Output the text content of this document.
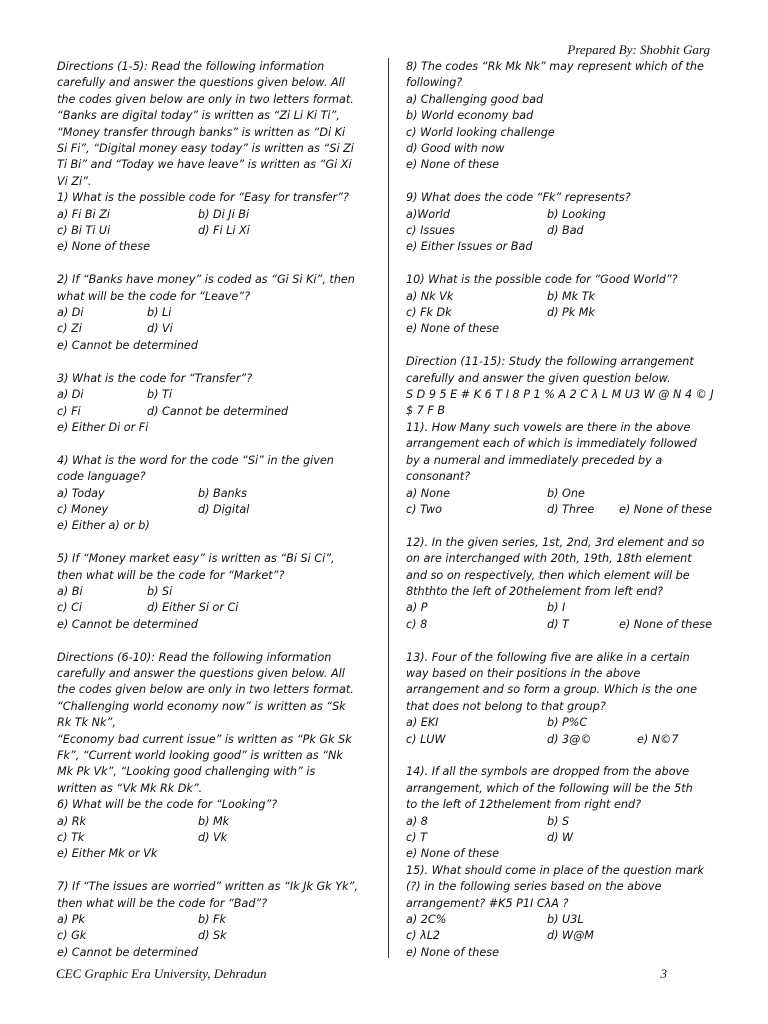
Prepared By: Shobhit Garg
Directions (1-5): Read the following information
carefully and answer the questions given below. All
the codes given below are only in two letters format.
“Banks are digital today” is written as “Zi Li Ki Ti”,
“Money transfer through banks” is written as “Di Ki
Si Fi”, “Digital money easy today” is written as “Si Zi
Ti Bi” and “Today we have leave” is written as “Gi Xi
Vi Zi”.
1) What is the possible code for “Easy for transfer”?
a) Fi Bi Zi	b) Di Ji Bi
c) Bi Ti Ui	d) Fi Li Xi
e) None of these
2) If “Banks have money” is coded as “Gi Si Ki”, then
what will be the code for “Leave”?
a) Di	b) Li
c) Zi	d) Vi
e) Cannot be determined
3) What is the code for “Transfer”?
a) Di	b) Ti
c) Fi	d) Cannot be determined
e) Either Di or Fi
4) What is the word for the code “Si” in the given
code language?
a) Today	b) Banks
c) Money	d) Digital
e) Either a) or b)
5) If “Money market easy” is written as “Bi Si Ci”,
then what will be the code for “Market”?
a) Bi	b) Si
c) Ci	d) Either Si or Ci
e) Cannot be determined
Directions (6-10): Read the following information
carefully and answer the questions given below. All
the codes given below are only in two letters format.
“Challenging world economy now” is written as “Sk
Rk Tk Nk”,
“Economy bad current issue” is written as “Pk Gk Sk
Fk”, “Current world looking good” is written as “Nk
Mk Pk Vk”, “Looking good challenging with” is
written as “Vk Mk Rk Dk”.
6) What will be the code for “Looking”?
a) Rk	b) Mk
c) Tk	d) Vk
e) Either Mk or Vk
7) If “The issues are worried” written as “Ik Jk Gk Yk”,
then what will be the code for “Bad”?
a) Pk	b) Fk
c) Gk	d) Sk
e) Cannot be determined
8) The codes “Rk Mk Nk” may represent which of the
following?
a) Challenging good bad
b) World economy bad
c) World looking challenge
d) Good with now
e) None of these
9) What does the code “Fk” represents?
a)World	b) Looking
c) Issues	d) Bad
e) Either Issues or Bad
10) What is the possible code for “Good World”?
a) Nk Vk	b) Mk Tk
c) Fk Dk	d) Pk Mk
e) None of these
Direction (11-15): Study the following arrangement
carefully and answer the given question below.
S D 9 5 E # K 6 T I 8 P 1 % A 2 C λ L M U3 W @ N 4 © J
$ 7 F B
11). How Many such vowels are there in the above
arrangement each of which is immediately followed
by a numeral and immediately preceded by a
consonant?
a) None	b) One
c) Two	d) Three	e) None of these
12). In the given series, 1st, 2nd, 3rd element and so
on are interchanged with 20th, 19th, 18th element
and so on respectively, then which element will be
8ththto the left of 20thelement from left end?
a) P	b) I
c) 8	d) T	e) None of these
13). Four of the following five are alike in a certain
way based on their positions in the above
arrangement and so form a group. Which is the one
that does not belong to that group?
a) EKI	b) P%C
c) LUW	d) 3@©	e) N©7
14). If all the symbols are dropped from the above
arrangement, which of the following will be the 5th
to the left of 12thelement from right end?
a) 8	b) S
c) T	d) W
e) None of these
15). What should come in place of the question mark
(?) in the following series based on the above
arrangement? #K5 P1I CλA ?
a) 2C%	b) U3L
c) λL2	d) W@M
e) None of these
CEC Graphic Era University, Dehradun	3
